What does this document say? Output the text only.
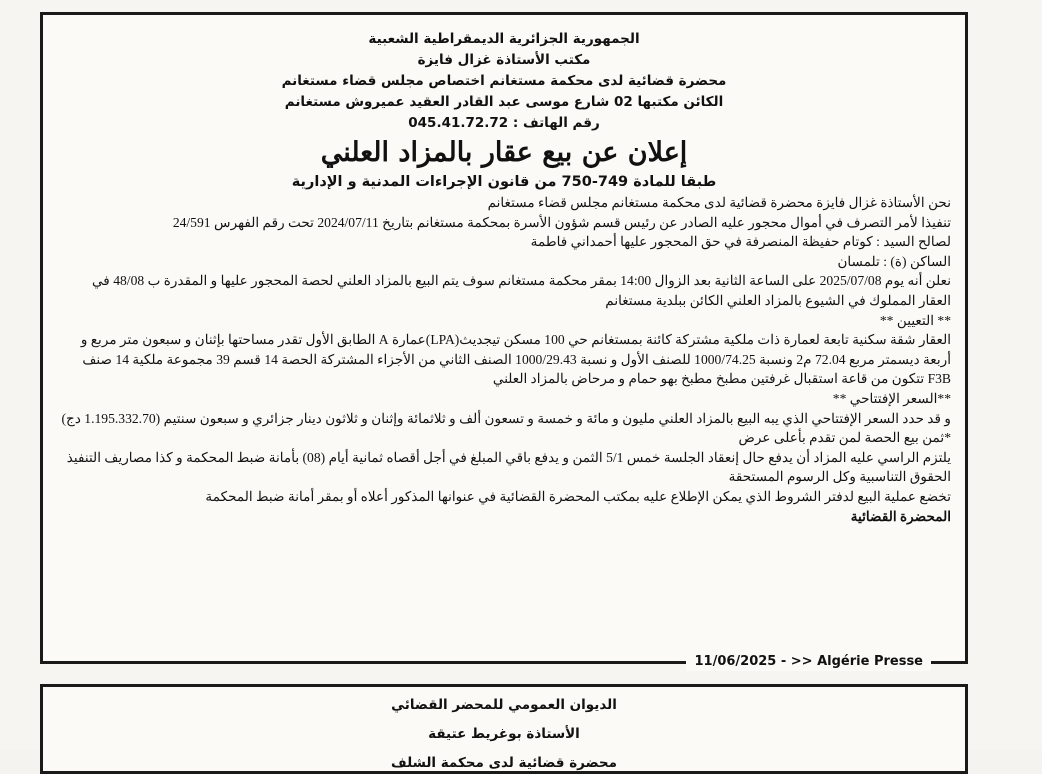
الجمهورية الجزائرية الديمقراطية الشعبية
مكتب الأستاذة غزال فايزة
محضرة قضائية لدى محكمة مستغانم اختصاص مجلس قضاء مستغانم
الكائن مكتبها 02 شارع موسى عبد القادر العقيد عميروش مستغانم
رقم الهاتف : 045.41.72.72
إعلان عن بيع عقار بالمزاد العلني
طبقا للمادة 749-750 من قانون الإجراءات المدنية و الإدارية

نحن الأستاذة غزال فايزة محضرة قضائية لدى محكمة مستغانم مجلس قضاء مستغانم

تنفيذا لأمر التصرف في أموال محجور عليه الصادر عن رئيس قسم شؤون الأسرة بمحكمة مستغانم بتاريخ 2024/07/11 تحت رقم الفهرس 24/591

لصالح السيد : كوتام حفيظة المنصرفة في حق المحجور عليها أحمداني فاطمة

الساكن (ة) : تلمسان

نعلن أنه يوم 2025/07/08 على الساعة الثانية بعد الزوال 14:00 بمقر محكمة مستغانم سوف يتم البيع بالمزاد العلني لحصة المحجور عليها و المقدرة ب 48/08 في العقار المملوك في الشيوع بالمزاد العلني الكائن ببلدية مستغانم

** التعيين **

العقار شقة سكنية تابعة لعمارة ذات ملكية مشتركة كائنة بمستغانم حي 100 مسكن تيجديث(LPA)عمارة A الطابق الأول تقدر مساحتها بإثنان و سبعون متر مربع و أربعة ديسمتر مربع 72.04 م2 ونسبة 1000/74.25 للصنف الأول و نسبة 1000/29.43 الصنف الثاني من الأجزاء المشتركة الحصة 14 قسم 39 مجموعة ملكية 14 صنف F3B تتكون من قاعة استقبال غرفتين مطبخ مطبخ بهو حمام و مرحاض بالمزاد العلني

**السعر الإفتتاحي **

و قد حدد السعر الإفتتاحي الذي يبه البيع بالمزاد العلني مليون و مائة و خمسة و تسعون ألف و ثلاثمائة وإثنان و ثلاثون دينار جزائري و سبعون سنتيم (1.195.332.70 دج)

*ثمن بيع الحصة لمن تقدم بأعلى عرض

يلتزم الراسي عليه المزاد أن يدفع حال إنعقاد الجلسة خمس 5/1 الثمن و يدفع باقي المبلغ في أجل أقصاه ثمانية أيام (08) بأمانة ضبط المحكمة و كذا مصاريف التنفيذ الحقوق التناسبية وكل الرسوم المستحقة

تخضع عملية البيع لدفتر الشروط الذي يمكن الإطلاع عليه بمكتب المحضرة القضائية في عنوانها المذكور أعلاه أو بمقر أمانة ضبط المحكمة

المحضرة القضائية

11/06/2025 - >> Algérie Presse
الديوان العمومي للمحضر القضائي
الأستاذة بوغريط عتيقة
محضرة قضائية لدى محكمة الشلف
